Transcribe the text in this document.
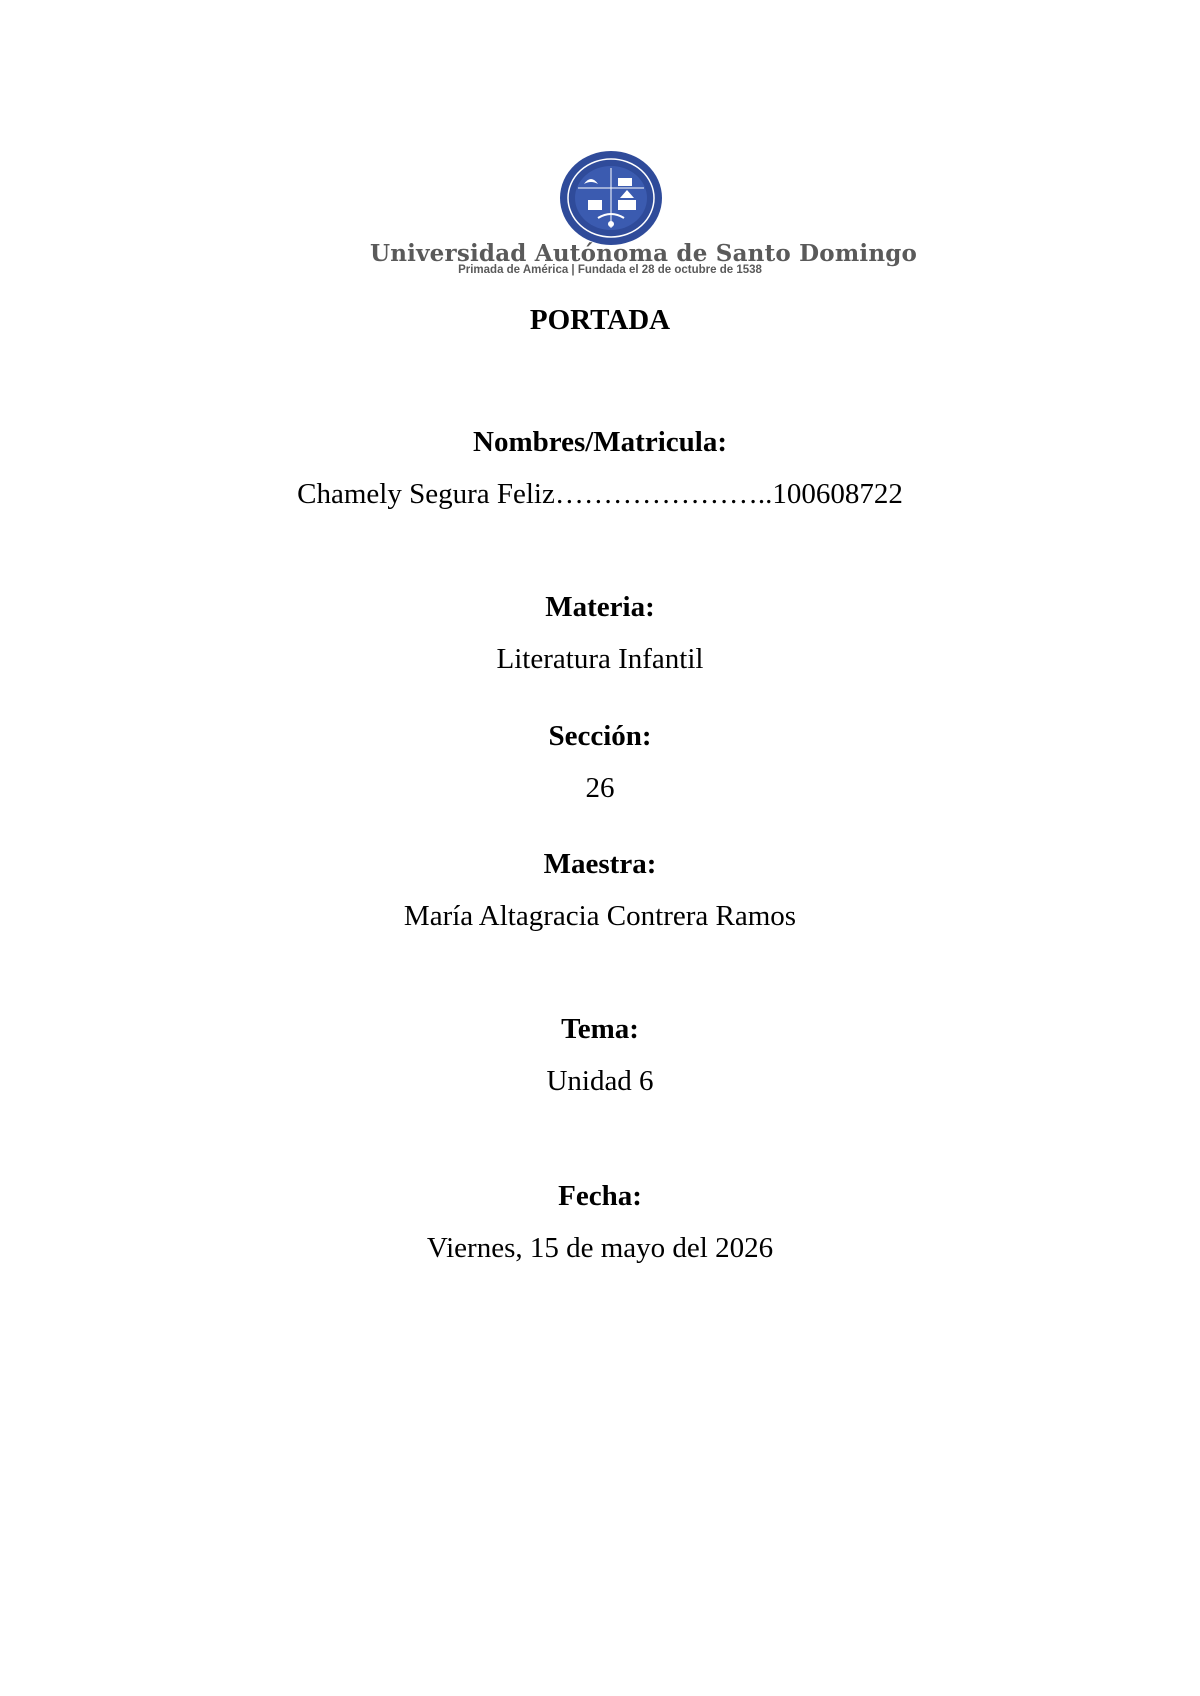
Universidad Autónoma de Santo Domingo
Primada de América | Fundada el 28 de octubre de 1538
PORTADA
Nombres/Matricula:
Chamely Segura Feliz…………………..100608722
Materia:
Literatura Infantil
Sección:
26
Maestra:
María Altagracia Contrera Ramos
Tema:
Unidad 6
Fecha:
Viernes, 15 de mayo del 2026
